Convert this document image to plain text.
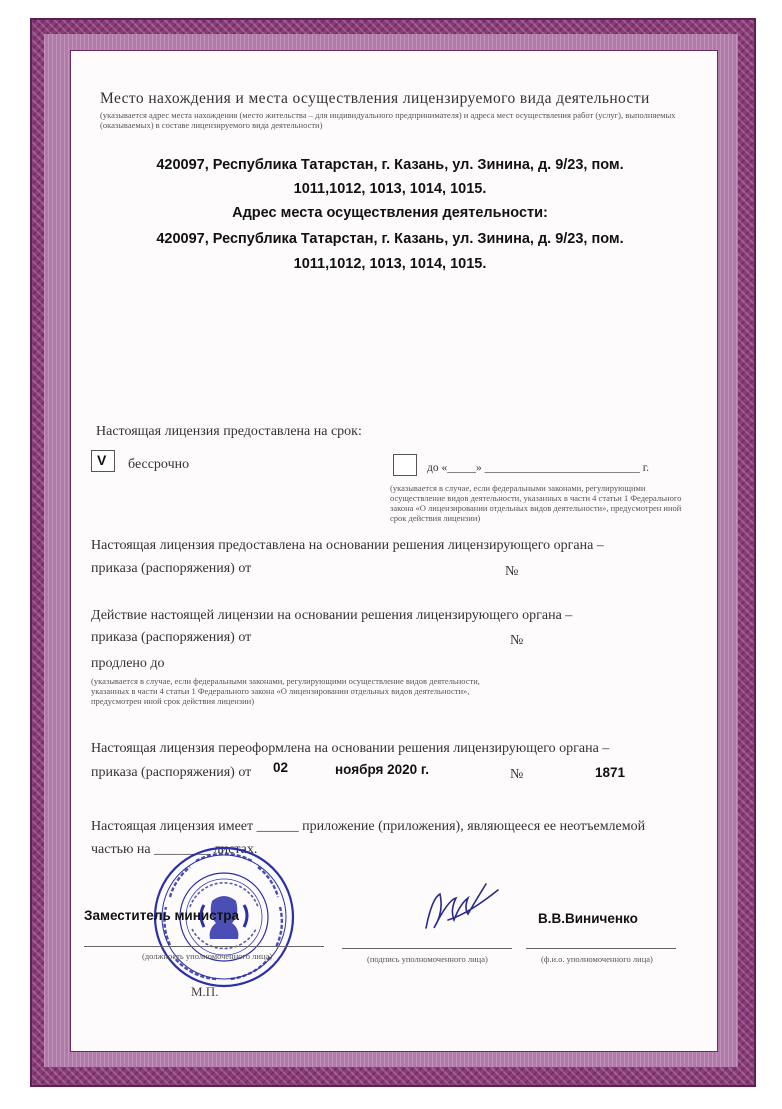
Место нахождения и места осуществления лицензируемого вида деятельности
(указывается адрес места нахождения (место жительства – для индивидуального предпринимателя) и адреса мест осуществления работ (услуг), выполняемых (оказываемых) в составе лицензируемого вида деятельности)
420097, Республика Татарстан, г. Казань, ул. Зинина, д. 9/23, пом.
1011,1012, 1013, 1014, 1015.
Адрес места осуществления деятельности:
420097, Республика Татарстан, г. Казань, ул. Зинина, д. 9/23, пом.
1011,1012, 1013, 1014, 1015.
Настоящая лицензия предоставлена на срок:
V бессрочно	до «_____» ___________________________ г.
(указывается в случае, если федеральными законами, регулирующими осуществление видов деятельности, указанных в части 4 статьи 1 Федерального закона «О лицензировании отдельных видов деятельности», предусмотрен иной срок действия лицензии)
Настоящая лицензия предоставлена на основании решения лицензирующего органа –
приказа (распоряжения) от	№
Действие настоящей лицензии на основании решения лицензирующего органа –
приказа (распоряжения) от	№
продлено до
(указывается в случае, если федеральными законами, регулирующими осуществление видов деятельности, указанных в части 4 статьи 1 Федерального закона «О лицензировании отдельных видов деятельности», предусмотрен иной срок действия лицензии)
Настоящая лицензия переоформлена на основании решения лицензирующего органа –
приказа (распоряжения) от 02	ноября 2020 г.	№	1871
Настоящая лицензия имеет ______ приложение (приложения), являющееся ее неотъемлемой
частью на ________ листах.
Заместитель министра	В.В.Виниченко
(должность уполномоченного лица)	(подпись уполномоченного лица)	(ф.и.о. уполномоченного лица)
М.П.
